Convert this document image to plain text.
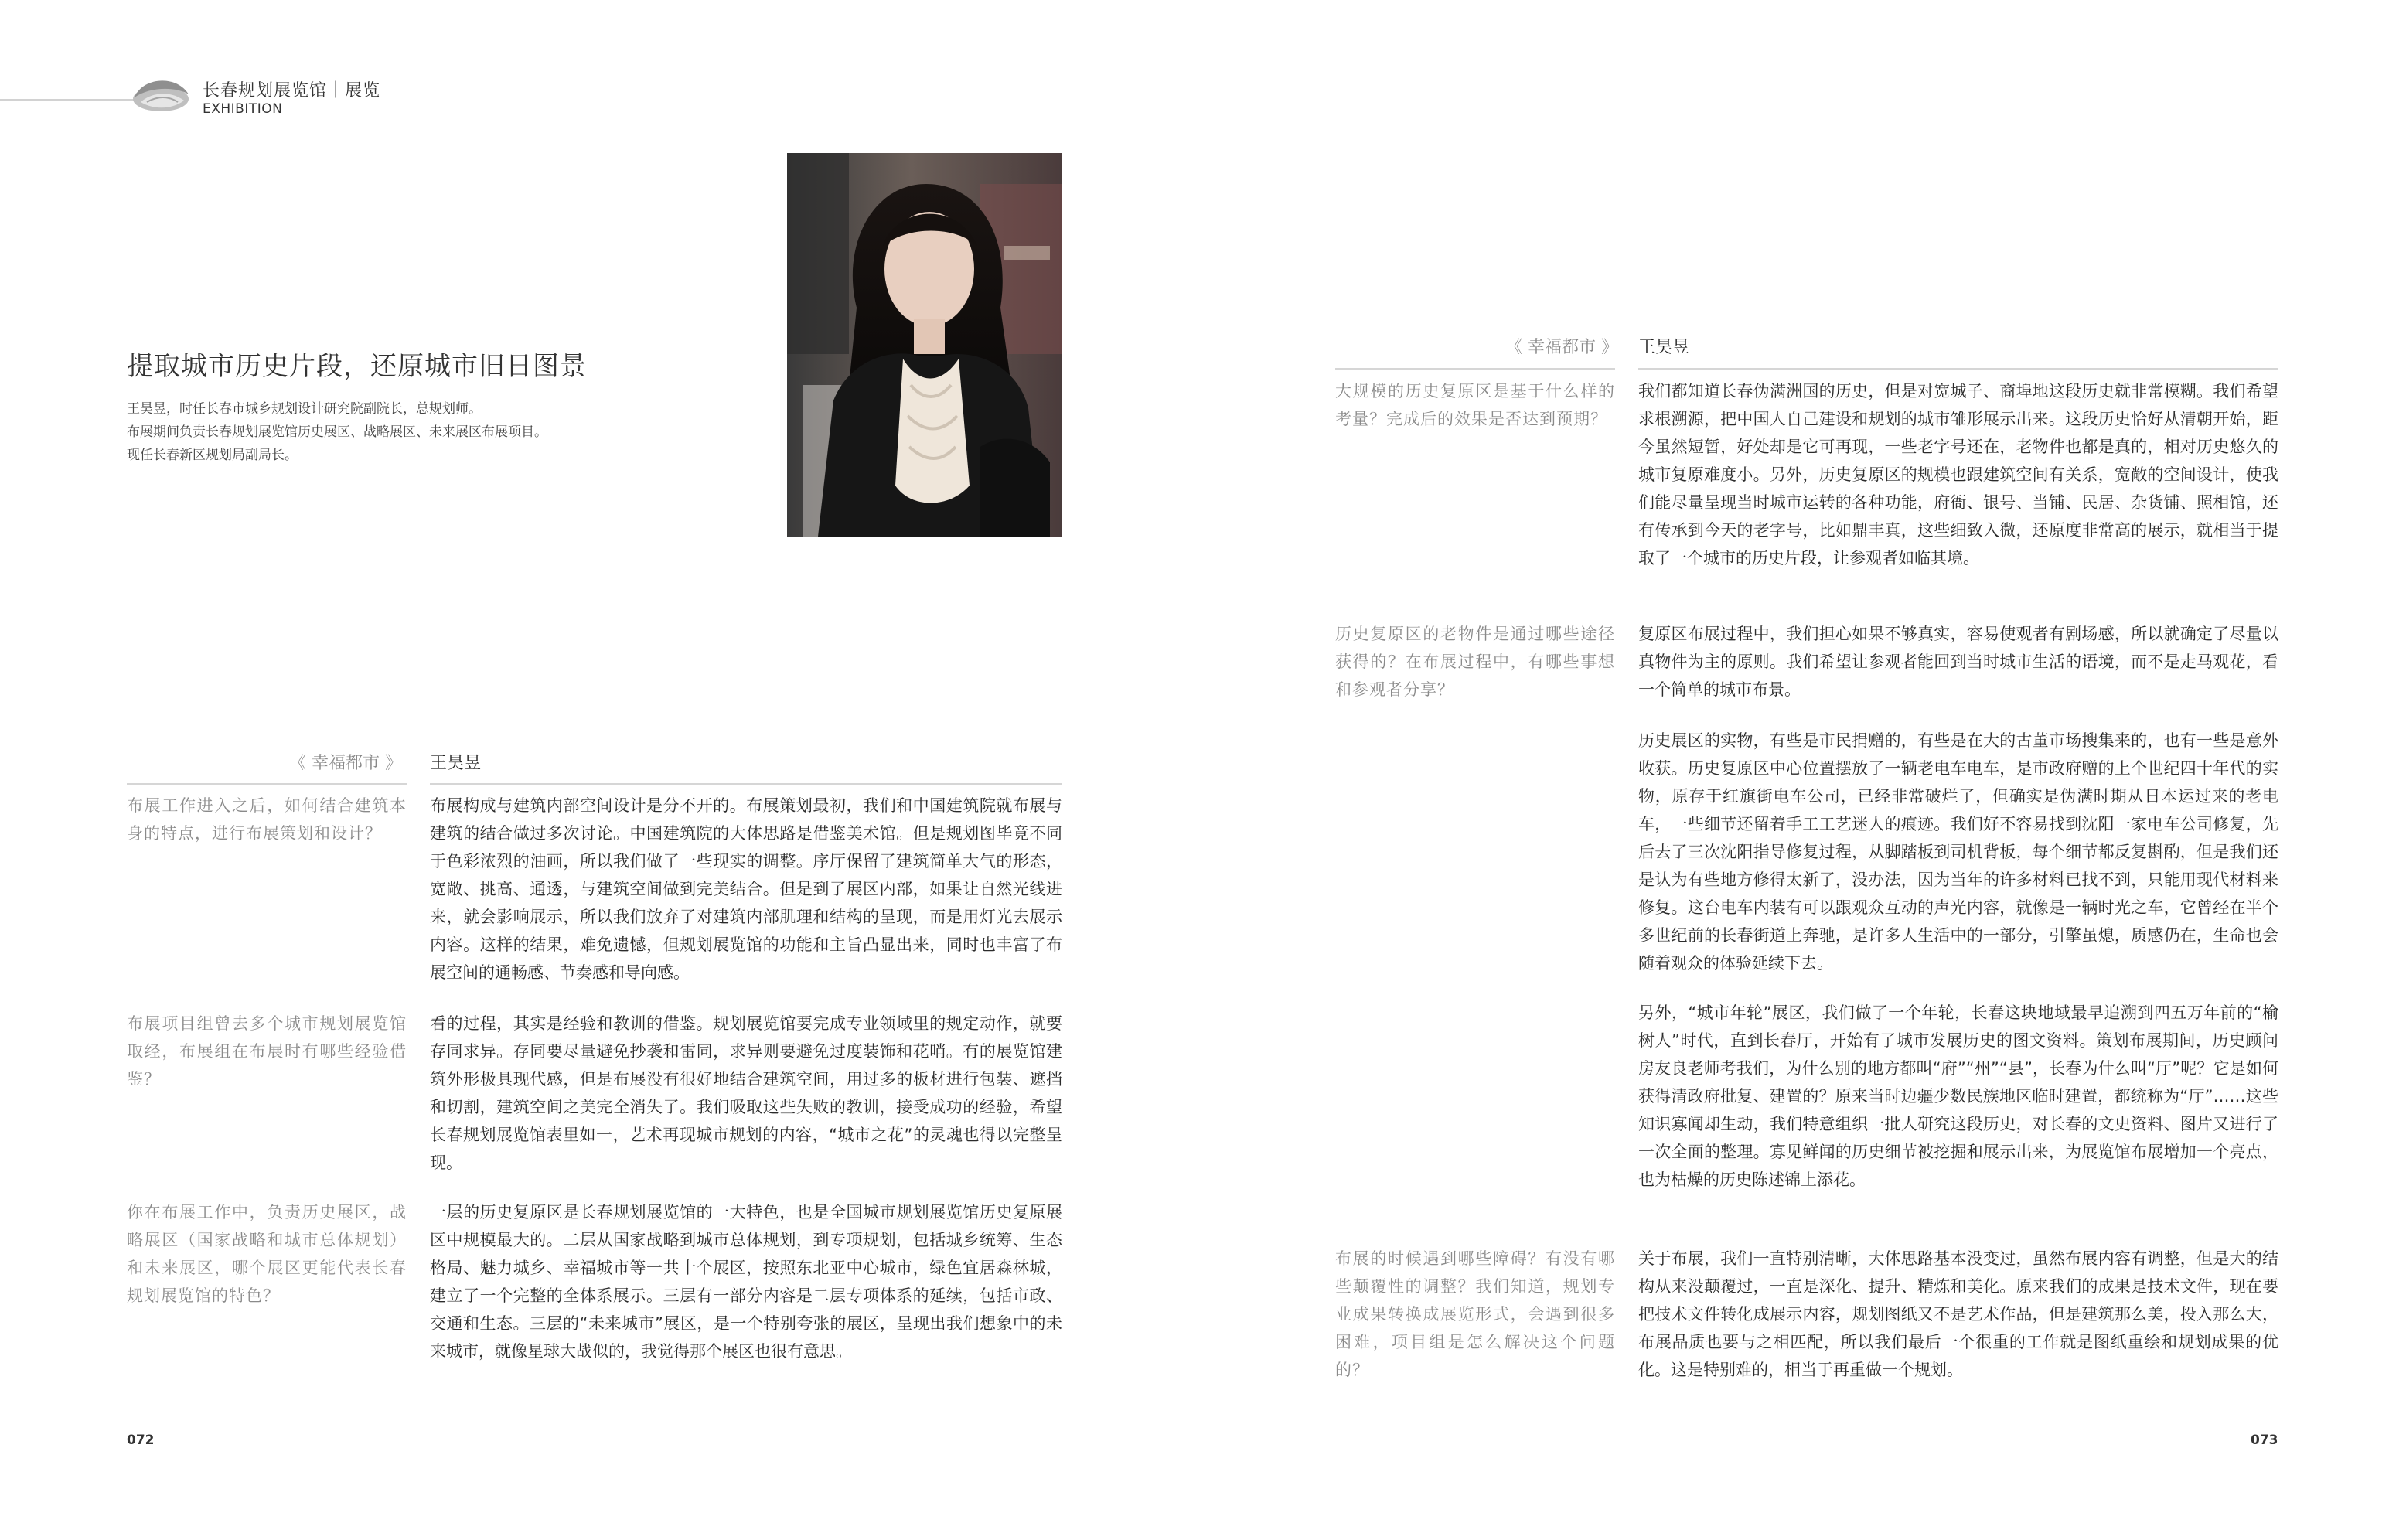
长春规划展览馆｜展览
EXHIBITION
提取城市历史片段，还原城市旧日图景
王昊昱，时任长春市城乡规划设计研究院副院长，总规划师。
布展期间负责长春规划展览馆历史展区、战略展区、未来展区布展项目。
现任长春新区规划局副局长。
《 幸福都市 》 王昊昱
布展工作进入之后，如何结合建筑本身的特点，进行布展策划和设计？
布展构成与建筑内部空间设计是分不开的。布展策划最初，我们和中国建筑院就布展与建筑的结合做过多次讨论。中国建筑院的大体思路是借鉴美术馆。但是规划图毕竟不同于色彩浓烈的油画，所以我们做了一些现实的调整。序厅保留了建筑简单大气的形态，宽敞、挑高、通透，与建筑空间做到完美结合。但是到了展区内部，如果让自然光线进来，就会影响展示，所以我们放弃了对建筑内部肌理和结构的呈现，而是用灯光去展示内容。这样的结果，难免遗憾，但规划展览馆的功能和主旨凸显出来，同时也丰富了布展空间的通畅感、节奏感和导向感。
布展项目组曾去多个城市规划展览馆取经，布展组在布展时有哪些经验借鉴？
看的过程，其实是经验和教训的借鉴。规划展览馆要完成专业领域里的规定动作，就要存同求异。存同要尽量避免抄袭和雷同，求异则要避免过度装饰和花哨。有的展览馆建筑外形极具现代感，但是布展没有很好地结合建筑空间，用过多的板材进行包装、遮挡和切割，建筑空间之美完全消失了。我们吸取这些失败的教训，接受成功的经验，希望长春规划展览馆表里如一，艺术再现城市规划的内容，“城市之花”的灵魂也得以完整呈现。
你在布展工作中，负责历史展区，战略展区（国家战略和城市总体规划）和未来展区，哪个展区更能代表长春规划展览馆的特色？
一层的历史复原区是长春规划展览馆的一大特色，也是全国城市规划展览馆历史复原展区中规模最大的。二层从国家战略到城市总体规划，到专项规划，包括城乡统筹、生态格局、魅力城乡、幸福城市等一共十个展区，按照东北亚中心城市，绿色宜居森林城，建立了一个完整的全体系展示。三层有一部分内容是二层专项体系的延续，包括市政、交通和生态。三层的“未来城市”展区，是一个特别夸张的展区，呈现出我们想象中的未来城市，就像星球大战似的，我觉得那个展区也很有意思。
072
《 幸福都市 》 王昊昱
大规模的历史复原区是基于什么样的考量？完成后的效果是否达到预期？
我们都知道长春伪满洲国的历史，但是对宽城子、商埠地这段历史就非常模糊。我们希望求根溯源，把中国人自己建设和规划的城市雏形展示出来。这段历史恰好从清朝开始，距今虽然短暂，好处却是它可再现，一些老字号还在，老物件也都是真的，相对历史悠久的城市复原难度小。另外，历史复原区的规模也跟建筑空间有关系，宽敞的空间设计，使我们能尽量呈现当时城市运转的各种功能，府衙、银号、当铺、民居、杂货铺、照相馆，还有传承到今天的老字号，比如鼎丰真，这些细致入微，还原度非常高的展示，就相当于提取了一个城市的历史片段，让参观者如临其境。
历史复原区的老物件是通过哪些途径获得的？在布展过程中，有哪些事想和参观者分享？
复原区布展过程中，我们担心如果不够真实，容易使观者有剧场感，所以就确定了尽量以真物件为主的原则。我们希望让参观者能回到当时城市生活的语境，而不是走马观花，看一个简单的城市布景。
历史展区的实物，有些是市民捐赠的，有些是在大的古董市场搜集来的，也有一些是意外收获。历史复原区中心位置摆放了一辆老电车电车，是市政府赠的上个世纪四十年代的实物，原存于红旗街电车公司，已经非常破烂了，但确实是伪满时期从日本运过来的老电车，一些细节还留着手工工艺迷人的痕迹。我们好不容易找到沈阳一家电车公司修复，先后去了三次沈阳指导修复过程，从脚踏板到司机背板，每个细节都反复斟酌，但是我们还是认为有些地方修得太新了，没办法，因为当年的许多材料已找不到，只能用现代材料来修复。这台电车内装有可以跟观众互动的声光内容，就像是一辆时光之车，它曾经在半个多世纪前的长春街道上奔驰，是许多人生活中的一部分，引擎虽熄，质感仍在，生命也会随着观众的体验延续下去。
另外，“城市年轮”展区，我们做了一个年轮，长春这块地域最早追溯到四五万年前的“榆树人”时代，直到长春厅，开始有了城市发展历史的图文资料。策划布展期间，历史顾问房友良老师考我们，为什么别的地方都叫“府”“州”“县”，长春为什么叫“厅”呢？它是如何获得清政府批复、建置的？原来当时边疆少数民族地区临时建置，都统称为“厅”……这些知识寡闻却生动，我们特意组织一批人研究这段历史，对长春的文史资料、图片又进行了一次全面的整理。寡见鲜闻的历史细节被挖掘和展示出来，为展览馆布展增加一个亮点，也为枯燥的历史陈述锦上添花。
布展的时候遇到哪些障碍？有没有哪些颠覆性的调整？我们知道，规划专业成果转换成展览形式，会遇到很多困难，项目组是怎么解决这个问题的？
关于布展，我们一直特别清晰，大体思路基本没变过，虽然布展内容有调整，但是大的结构从来没颠覆过，一直是深化、提升、精炼和美化。原来我们的成果是技术文件，现在要把技术文件转化成展示内容，规划图纸又不是艺术作品，但是建筑那么美，投入那么大，布展品质也要与之相匹配，所以我们最后一个很重的工作就是图纸重绘和规划成果的优化。这是特别难的，相当于再重做一个规划。
073
